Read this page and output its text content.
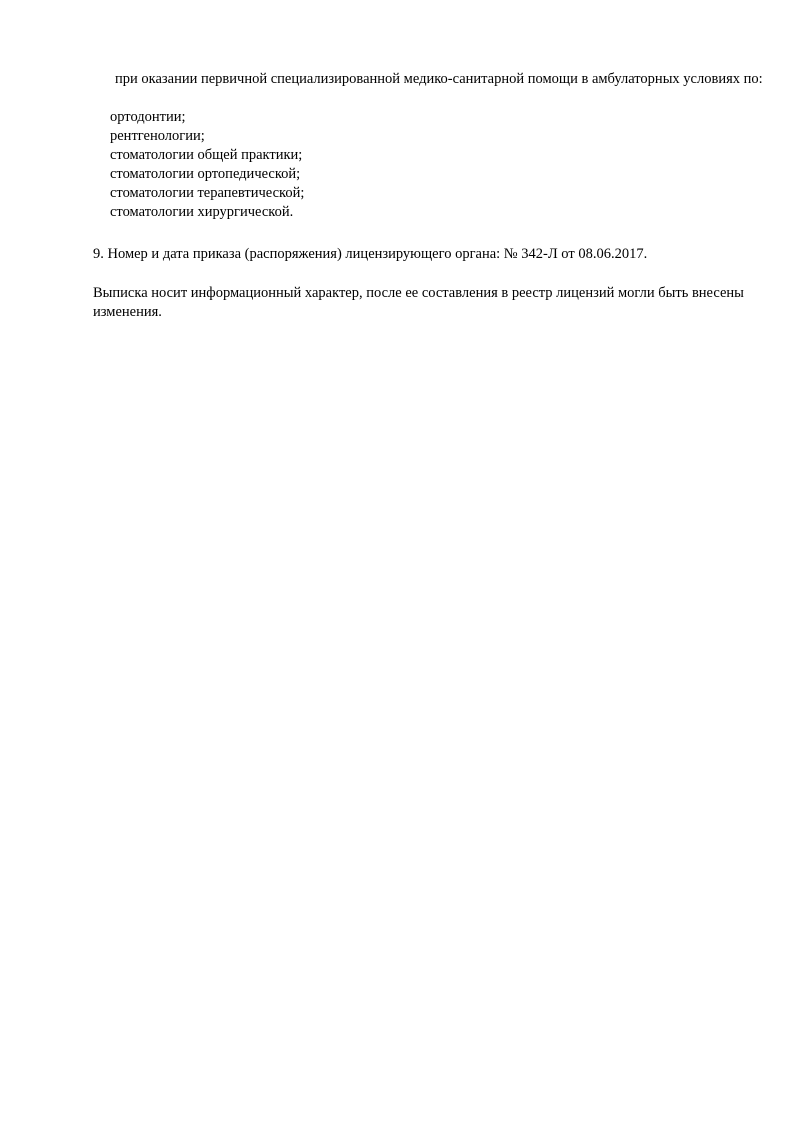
при оказании первичной специализированной медико-санитарной помощи в амбулаторных условиях по:

ортодонтии;
рентгенологии;
стоматологии общей практики;
стоматологии ортопедической;
стоматологии терапевтической;
стоматологии хирургической.

9. Номер и дата приказа (распоряжения) лицензирующего органа: № 342-Л от 08.06.2017.

Выписка носит информационный характер, после ее составления в реестр лицензий могли быть внесены изменения.
